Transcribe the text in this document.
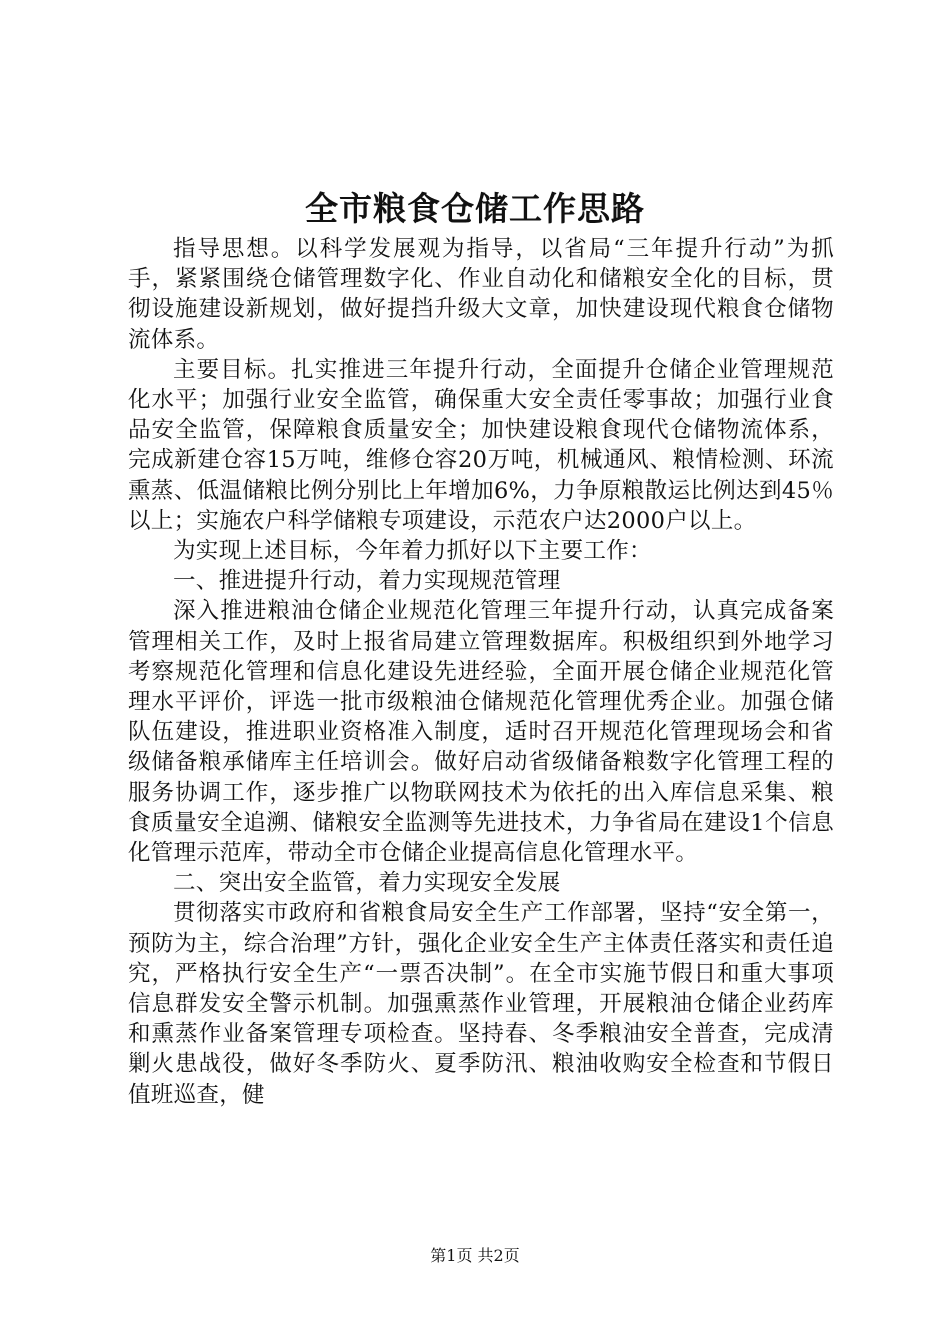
全市粮食仓储工作思路

指导思想。以科学发展观为指导，以省局“三年提升行动”为抓手，紧紧围绕仓储管理数字化、作业自动化和储粮安全化的目标，贯彻设施建设新规划，做好提挡升级大文章，加快建设现代粮食仓储物流体系。

主要目标。扎实推进三年提升行动，全面提升仓储企业管理规范化水平；加强行业安全监管，确保重大安全责任零事故；加强行业食品安全监管，保障粮食质量安全；加快建设粮食现代仓储物流体系，完成新建仓容15万吨，维修仓容20万吨，机械通风、粮情检测、环流熏蒸、低温储粮比例分别比上年增加6%，力争原粮散运比例达到45％以上；实施农户科学储粮专项建设，示范农户达2000户以上。

为实现上述目标，今年着力抓好以下主要工作：

一、推进提升行动，着力实现规范管理

深入推进粮油仓储企业规范化管理三年提升行动，认真完成备案管理相关工作，及时上报省局建立管理数据库。积极组织到外地学习考察规范化管理和信息化建设先进经验，全面开展仓储企业规范化管理水平评价，评选一批市级粮油仓储规范化管理优秀企业。加强仓储队伍建设，推进职业资格准入制度，适时召开规范化管理现场会和省级储备粮承储库主任培训会。做好启动省级储备粮数字化管理工程的服务协调工作，逐步推广以物联网技术为依托的出入库信息采集、粮食质量安全追溯、储粮安全监测等先进技术，力争省局在建设1个信息化管理示范库，带动全市仓储企业提高信息化管理水平。

二、突出安全监管，着力实现安全发展

贯彻落实市政府和省粮食局安全生产工作部署，坚持“安全第一，预防为主，综合治理”方针，强化企业安全生产主体责任落实和责任追究，严格执行安全生产“一票否决制”。在全市实施节假日和重大事项信息群发安全警示机制。加强熏蒸作业管理，开展粮油仓储企业药库和熏蒸作业备案管理专项检查。坚持春、冬季粮油安全普查，完成清剿火患战役，做好冬季防火、夏季防汛、粮油收购安全检查和节假日值班巡查，健

第1页 共2页
